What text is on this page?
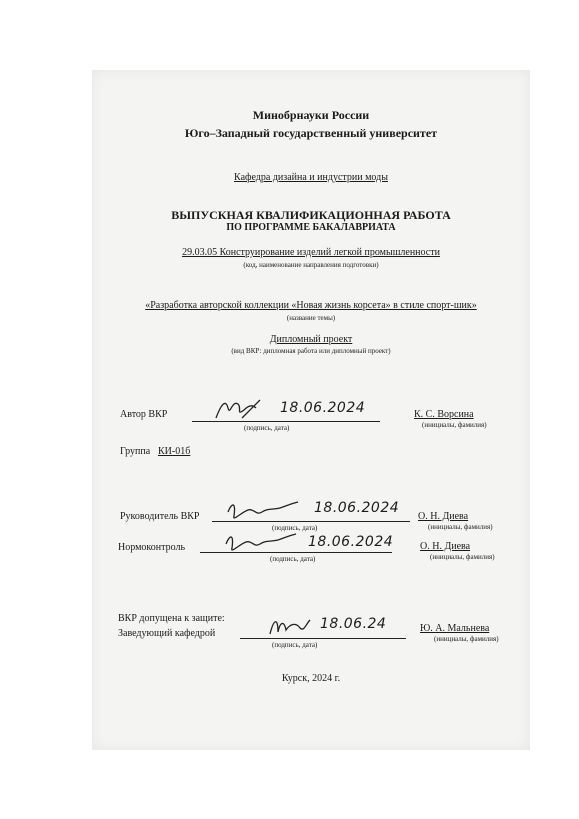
Минобрнауки России
Юго–Западный государственный университет
Кафедра дизайна и индустрии моды
ВЫПУСКНАЯ КВАЛИФИКАЦИОННАЯ РАБОТА
ПО ПРОГРАММЕ БАКАЛАВРИАТА
29.03.05 Конструирование изделий легкой промышленности
(код, наименование направления подготовки)
«Разработка авторской коллекции «Новая жизнь корсета» в стиле спорт-шик»
(название темы)
Дипломный проект
(вид ВКР: дипломная работа или дипломный проект)
Автор ВКР	18.06.2024
(подпись, дата)
К. С. Ворсина
(инициалы, фамилия)
Группа КИ-01б
Руководитель ВКР
18.06.2024
(подпись, дата)
О. Н. Диева
(инициалы, фамилия)
Нормоконтроль	18.06.2024
(подпись, дата)
О. Н. Диева
(инициалы, фамилия)
ВКР допущена к защите:
Заведующий кафедрой
18.06.24
(подпись, дата)
Ю. А. Мальнева
(инициалы, фамилия)
Курск, 2024 г.
